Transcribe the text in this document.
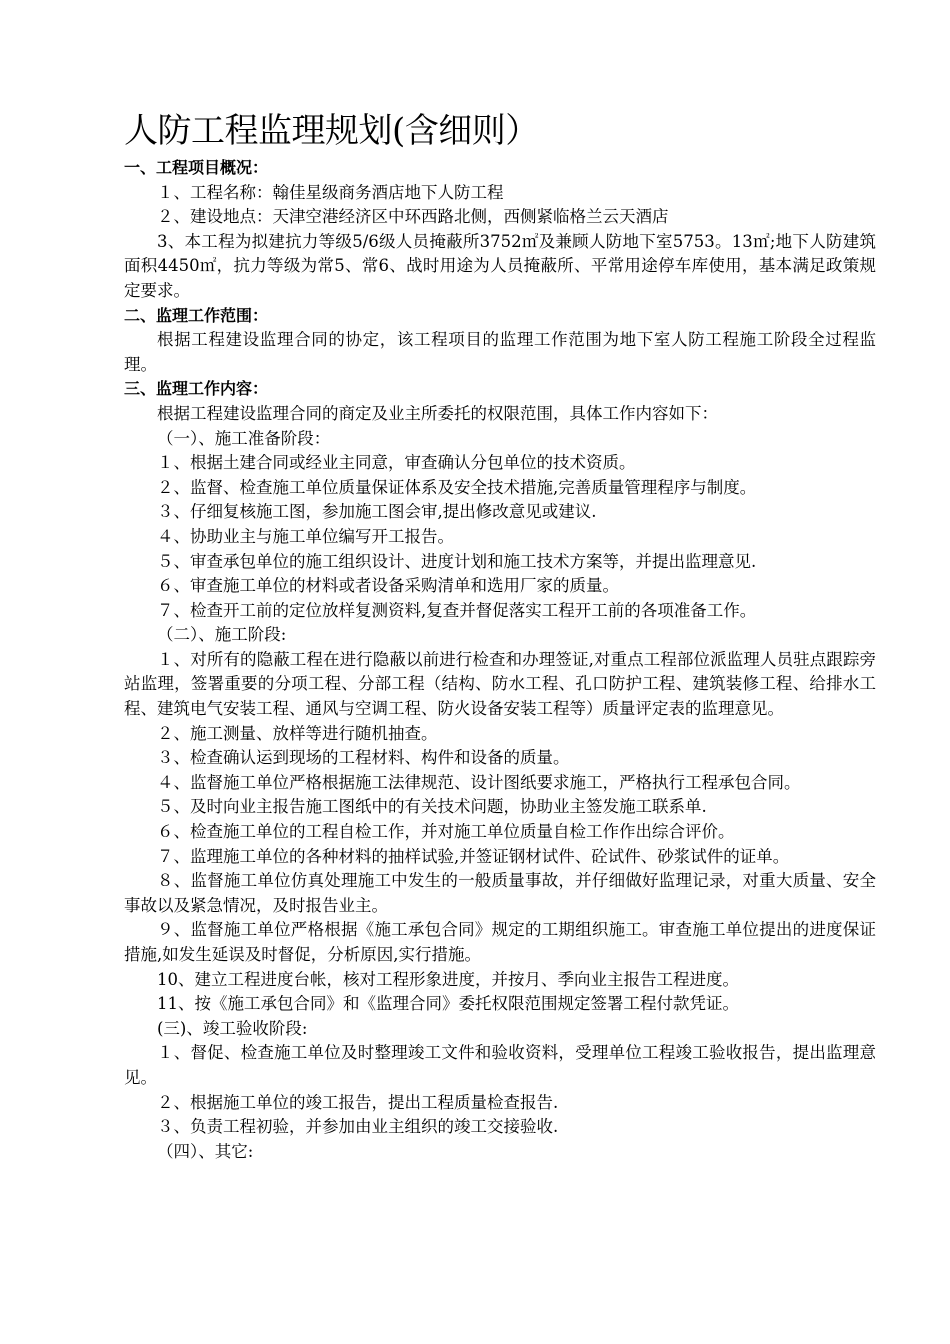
人防工程监理规划(含细则）
一、工程项目概况：

１、工程名称：翰佳星级商务酒店地下人防工程

２、建设地点：天津空港经济区中环西路北侧，西侧紧临格兰云天酒店

3、本工程为拟建抗力等级5/6级人员掩蔽所3752㎡及兼顾人防地下室5753。13㎡;地下人防建筑面积4450㎡，抗力等级为常5、常6、战时用途为人员掩蔽所、平常用途停车库使用，基本满足政策规定要求。

二、监理工作范围：

根据工程建设监理合同的协定，该工程项目的监理工作范围为地下室人防工程施工阶段全过程监理。

三、监理工作内容：

根据工程建设监理合同的商定及业主所委托的权限范围，具体工作内容如下：

（一）、施工准备阶段：

１、根据土建合同或经业主同意，审查确认分包单位的技术资质。

２、监督、检查施工单位质量保证体系及安全技术措施,完善质量管理程序与制度。

３、仔细复核施工图，参加施工图会审,提出修改意见或建议.

４、协助业主与施工单位编写开工报告。

５、审查承包单位的施工组织设计、进度计划和施工技术方案等，并提出监理意见.

６、审查施工单位的材料或者设备采购清单和选用厂家的质量。

７、检查开工前的定位放样复测资料,复查并督促落实工程开工前的各项准备工作。

（二）、施工阶段:

１、对所有的隐蔽工程在进行隐蔽以前进行检查和办理签证,对重点工程部位派监理人员驻点跟踪旁站监理，签署重要的分项工程、分部工程（结构、防水工程、孔口防护工程、建筑装修工程、给排水工程、建筑电气安装工程、通风与空调工程、防火设备安装工程等）质量评定表的监理意见。

２、施工测量、放样等进行随机抽查。

３、检查确认运到现场的工程材料、构件和设备的质量。

４、监督施工单位严格根据施工法律规范、设计图纸要求施工，严格执行工程承包合同。

５、及时向业主报告施工图纸中的有关技术问题，协助业主签发施工联系单.

６、检查施工单位的工程自检工作，并对施工单位质量自检工作作出综合评价。

７、监理施工单位的各种材料的抽样试验,并签证钢材试件、砼试件、砂浆试件的证单。

８、监督施工单位仿真处理施工中发生的一般质量事故，并仔细做好监理记录，对重大质量、安全事故以及紧急情况，及时报告业主。

９、监督施工单位严格根据《施工承包合同》规定的工期组织施工。审查施工单位提出的进度保证措施,如发生延误及时督促，分析原因,实行措施。

10、建立工程进度台帐，核对工程形象进度，并按月、季向业主报告工程进度。

11、按《施工承包合同》和《监理合同》委托权限范围规定签署工程付款凭证。

(三)、竣工验收阶段:

１、督促、检查施工单位及时整理竣工文件和验收资料，受理单位工程竣工验收报告，提出监理意见。

２、根据施工单位的竣工报告，提出工程质量检查报告.

３、负责工程初验，并参加由业主组织的竣工交接验收.

（四）、其它:
